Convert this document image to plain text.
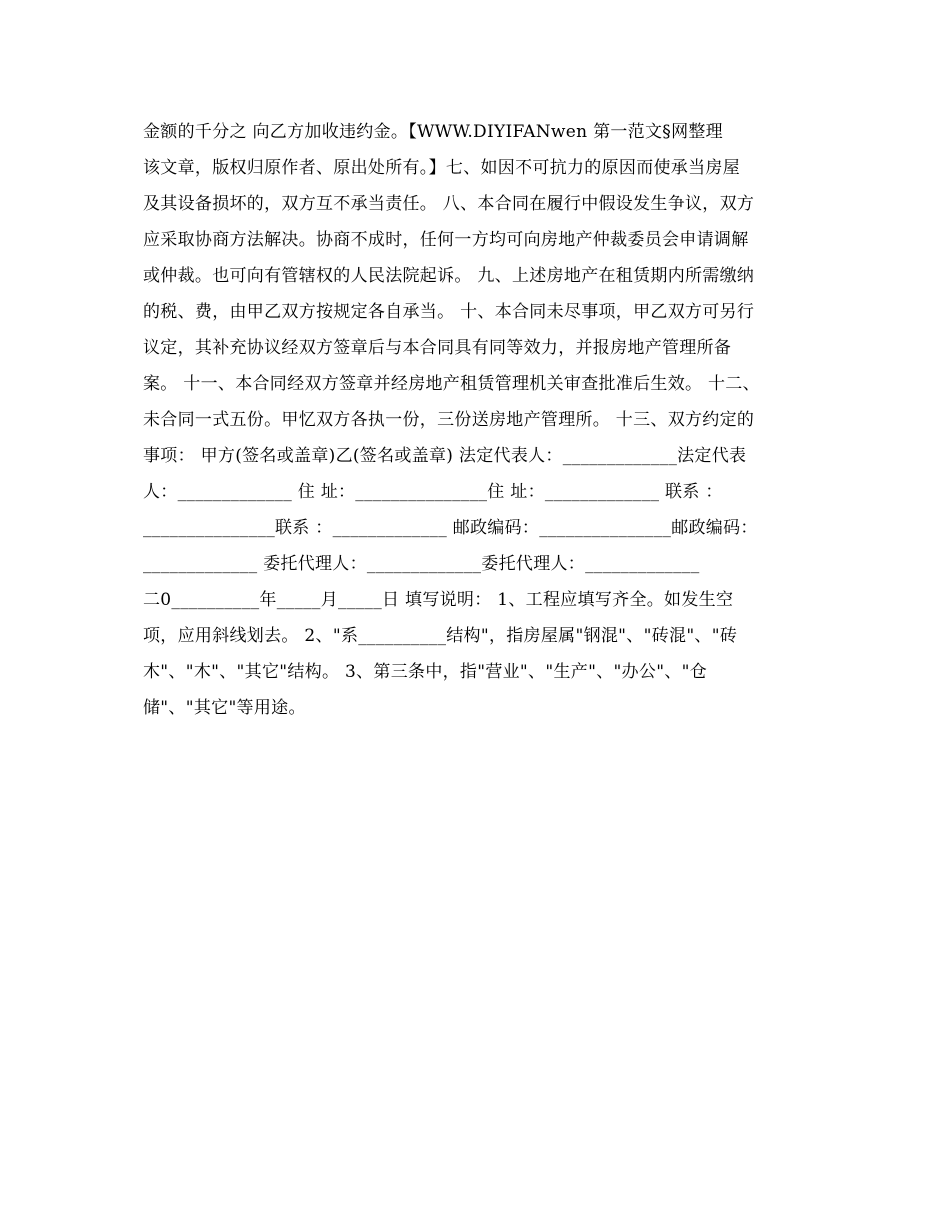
金额的千分之 向乙方加收违约金。【WWW.DIYIFANwen 第一范文§网整理
该文章，版权归原作者、原出处所有。】七、如因不可抗力的原因而使承当房屋
及其设备损坏的，双方互不承当责任。 八、本合同在履行中假设发生争议，双方
应采取协商方法解决。协商不成时，任何一方均可向房地产仲裁委员会申请调解
或仲裁。也可向有管辖权的人民法院起诉。 九、上述房地产在租赁期内所需缴纳
的税、费，由甲乙双方按规定各自承当。 十、本合同未尽事项，甲乙双方可另行
议定，其补充协议经双方签章后与本合同具有同等效力，并报房地产管理所备
案。 十一、本合同经双方签章并经房地产租赁管理机关审查批准后生效。 十二、
未合同一式五份。甲忆双方各执一份，三份送房地产管理所。 十三、双方约定的
事项： 甲方(签名或盖章)乙(签名或盖章) 法定代表人：_____________法定代表
人：_____________ 住 址：_______________住 址：_____________ 联系 ：
_______________联系 ：_____________ 邮政编码：_______________邮政编码：
_____________ 委托代理人：_____________委托代理人：_____________
二0__________年_____月_____日 填写说明： 1、工程应填写齐全。如发生空
项，应用斜线划去。 2、"系__________结构"，指房屋属"钢混"、"砖混"、"砖
木"、"木"、"其它"结构。 3、第三条中，指"营业"、"生产"、"办公"、"仓
储"、"其它"等用途。
